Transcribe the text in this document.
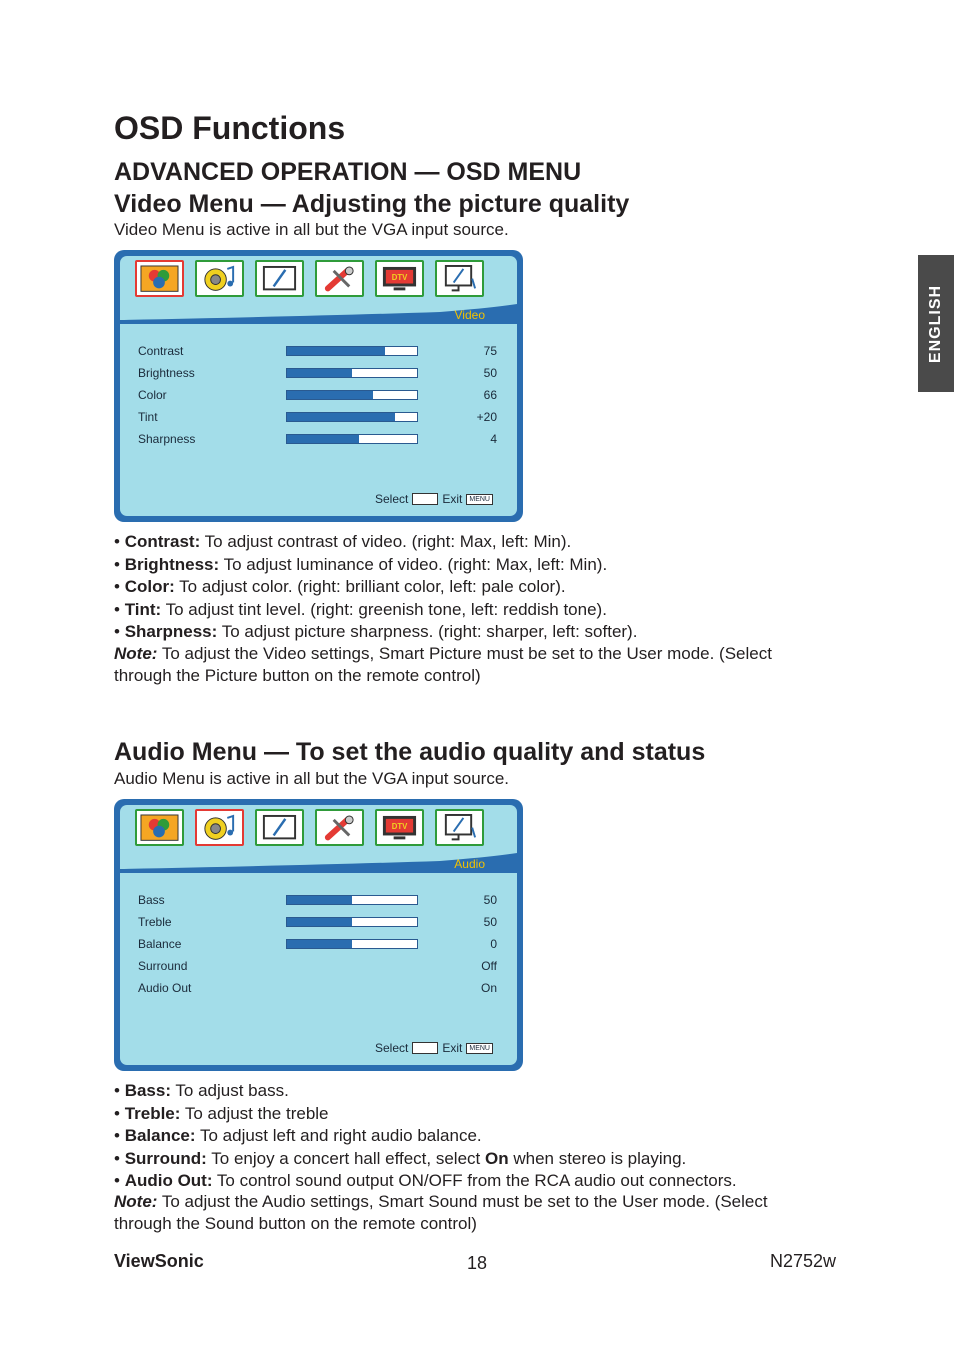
OSD Functions
ADVANCED OPERATION — OSD MENU
Video Menu — Adjusting the picture quality
Video Menu is active in all but the VGA input source.
ENGLISH
DTV
Video
Contrast	75
Brightness	50
Color	66
Tint	+20
Sharpness	4
Select	Exit	MENU
• Contrast: To adjust contrast of video. (right: Max, left: Min).
• Brightness: To adjust luminance of video. (right: Max, left: Min).
• Color: To adjust color. (right: brilliant color, left: pale color).
• Tint: To adjust tint level. (right: greenish tone, left: reddish tone).
• Sharpness: To adjust picture sharpness. (right: sharper, left: softer).
Note: To adjust the Video settings, Smart Picture must be set to the User mode. (Select through the Picture button on the remote control)
Audio Menu — To set the audio quality and status
Audio Menu is active in all but the VGA input source.
DTV
Audio
Bass	50
Treble	50
Balance	0
Surround	Off
Audio Out	On
Select	Exit	MENU
• Bass: To adjust bass.
• Treble: To adjust the treble
• Balance: To adjust left and right audio balance.
• Surround: To enjoy a concert hall effect, select On when stereo is playing.
• Audio Out: To control sound output ON/OFF from the RCA audio out connectors.
Note: To adjust the Audio settings, Smart Sound must be set to the User mode. (Select through the Sound button on the remote control)
ViewSonic	18	N2752w
